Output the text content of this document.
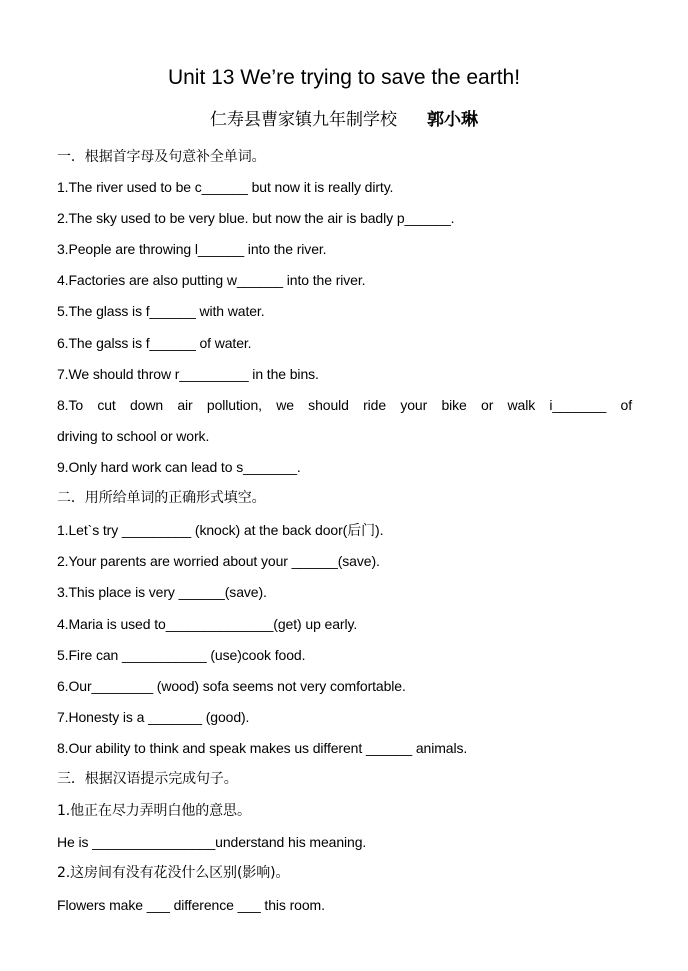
Unit 13 We’re trying to save the earth!
仁寿县曹家镇九年制学校 郭小琳
一．根据首字母及句意补全单词。
1.The river used to be c______ but now it is really dirty.
2.The sky used to be very blue. but now the air is badly p______.
3.People are throwing l______ into the river.
4.Factories are also putting w______ into the river.
5.The glass is f______ with water.
6.The galss is f______ of water.
7.We should throw r_________ in the bins.
8.To cut down air pollution, we should ride your bike or walk i_______ of
driving to school or work.
9.Only hard work can lead to s_______.
二．用所给单词的正确形式填空。
1.Let`s try _________ (knock) at the back door(后门).
2.Your parents are worried about your ______(save).
3.This place is very ______(save).
4.Maria is used to______________(get) up early.
5.Fire can ___________ (use)cook food.
6.Our________ (wood) sofa seems not very comfortable.
7.Honesty is a _______ (good).
8.Our ability to think and speak makes us different ______ animals.
三．根据汉语提示完成句子。
1.他正在尽力弄明白他的意思。
He is ________________understand his meaning.
2.这房间有没有花没什么区别(影响)。
Flowers make ___ difference ___ this room.
